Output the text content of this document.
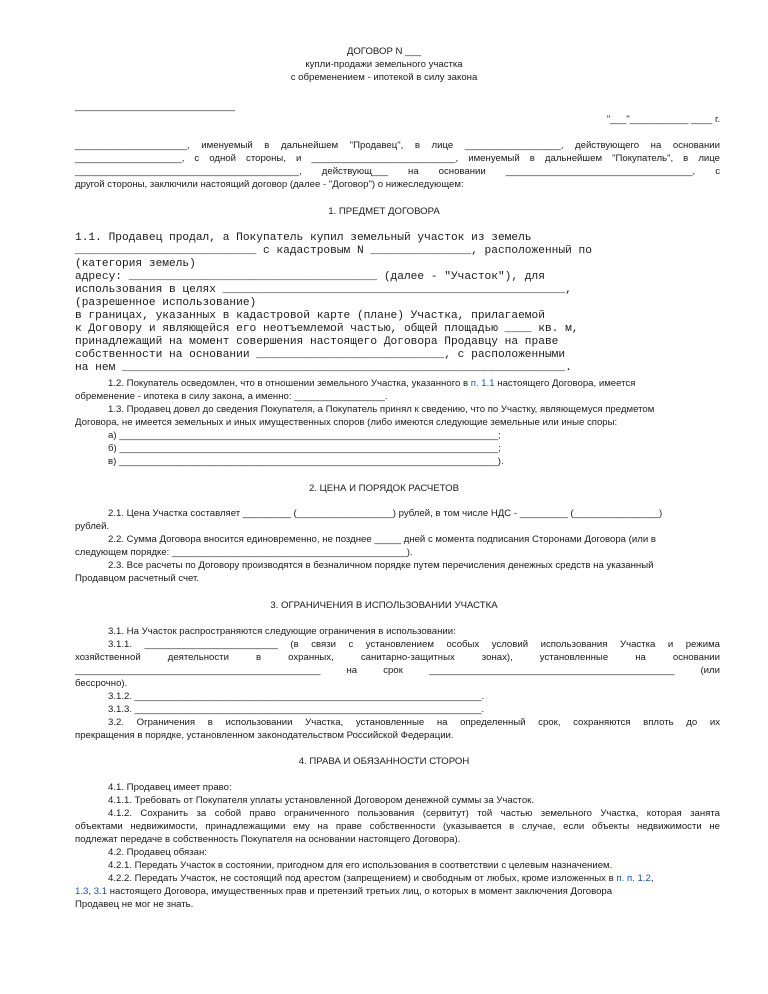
ДОГОВОР N ___
купли-продажи земельного участка
с обременением - ипотекой в силу закона
______________________________
"___"___________ ____ г.
_____________________, именуемый в дальнейшем "Продавец", в лице __________________, действующего на основании
____________________, с одной стороны, и ___________________________, именуемый в дальнейшем "Покупатель", в лице
__________________________________________, действующ___ на основании ___________________________________, с
другой стороны, заключили настоящий договор (далее - "Договор") о нижеследующем:
1. ПРЕДМЕТ ДОГОВОРА
1.1. Продавец продал, а Покупатель купил земельный участок из земель
___________________________ с кадастровым N _______________, расположенный по
(категория земель)
адресу: _____________________________________ (далее - "Участок"), для
использования в целях ___________________________________________________,
(разрешенное использование)
в границах, указанных в кадастровой карте (плане) Участка, прилагаемой
к Договору и являющейся его неотъемлемой частью, общей площадью ____ кв. м,
принадлежащий на момент совершения настоящего Договора Продавцу на праве
собственности на основании ____________________________, с расположенными
на нем __________________________________________________________________.
1.2. Покупатель осведомлен, что в отношении земельного Участка, указанного в п. 1.1 настоящего Договора, имеется
обременение - ипотека в силу закона, а именно: _________________.
1.3. Продавец довел до сведения Покупателя, а Покупатель принял к сведению, что по Участку, являющемуся предметом
Договора, не имеется земельных и иных имущественных споров (либо имеются следующие земельные или иные споры:
а) _______________________________________________________________________;
б) _______________________________________________________________________;
в) _______________________________________________________________________).
2. ЦЕНА И ПОРЯДОК РАСЧЕТОВ
2.1. Цена Участка составляет _________ (__________________) рублей, в том числе НДС - _________ (________________)
рублей.
2.2. Сумма Договора вносится единовременно, не позднее _____ дней с момента подписания Сторонами Договора (или в
следующем порядке: ____________________________________________).
2.3. Все расчеты по Договору производятся в безналичном порядке путем перечисления денежных средств на указанный
Продавцом расчетный счет.
3. ОГРАНИЧЕНИЯ В ИСПОЛЬЗОВАНИИ УЧАСТКА
3.1. На Участок распространяются следующие ограничения в использовании:
3.1.1. _________________________ (в связи с установлением особых условий использования Участка и режима
хозяйственной деятельности в охранных, санитарно-защитных зонах), установленные на основании
______________________________________________ на срок ______________________________________________ (или
бессрочно).
3.1.2. _________________________________________________________________.
3.1.3. _________________________________________________________________.
3.2. Ограничения в использовании Участка, установленные на определенный срок, сохраняются вплоть до их
прекращения в порядке, установленном законодательством Российской Федерации.
4. ПРАВА И ОБЯЗАННОСТИ СТОРОН
4.1. Продавец имеет право:
4.1.1. Требовать от Покупателя уплаты установленной Договором денежной суммы за Участок.
4.1.2. Сохранить за собой право ограниченного пользования (сервитут) той частью земельного Участка, которая занята
объектами недвижимости, принадлежащими ему на праве собственности (указывается в случае, если объекты недвижимости не
подлежат передаче в собственность Покупателя на основании настоящего Договора).
4.2. Продавец обязан:
4.2.1. Передать Участок в состоянии, пригодном для его использования в соответствии с целевым назначением.
4.2.2. Передать Участок, не состоящий под арестом (запрещением) и свободным от любых, кроме изложенных в п. п. 1.2,
1.3, 3.1 настоящего Договора, имущественных прав и претензий третьих лиц, о которых в момент заключения Договора
Продавец не мог не знать.
